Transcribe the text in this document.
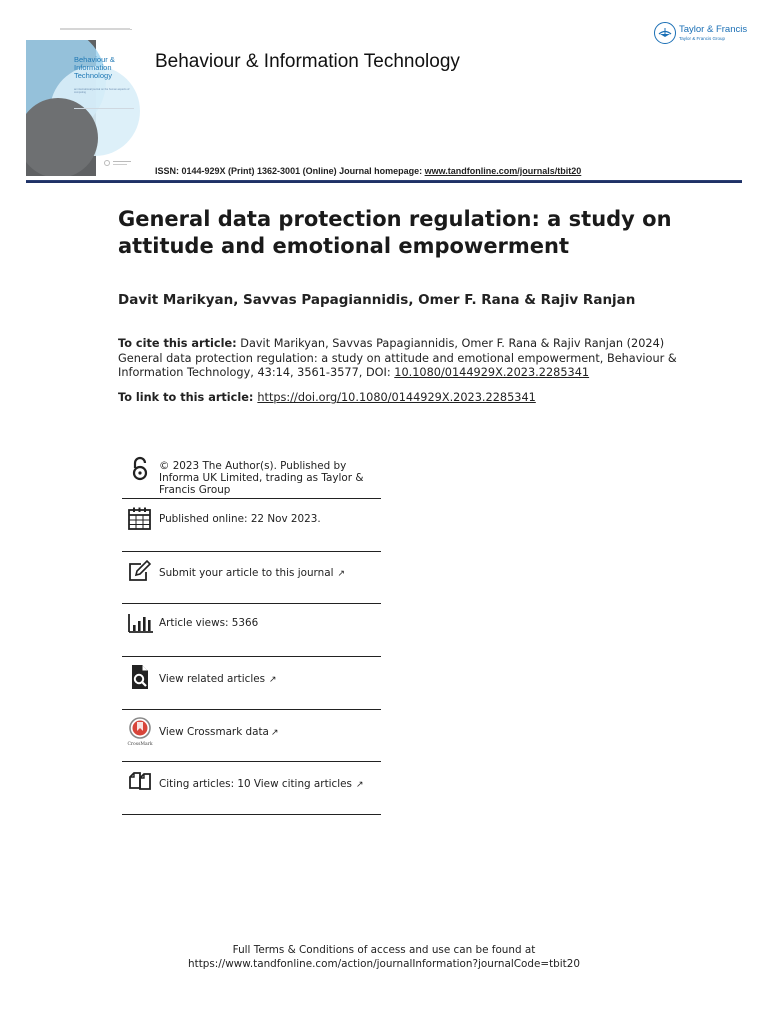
Behaviour &
Information
Technology
an international journal on the human aspects of computing
Behaviour & Information Technology
Taylor & Francis
Taylor & Francis Group
ISSN: 0144-929X (Print) 1362-3001 (Online) Journal homepage: www.tandfonline.com/journals/tbit20
General data protection regulation: a study on attitude and emotional empowerment
Davit Marikyan, Savvas Papagiannidis, Omer F. Rana & Rajiv Ranjan
To cite this article: Davit Marikyan, Savvas Papagiannidis, Omer F. Rana & Rajiv Ranjan (2024) General data protection regulation: a study on attitude and emotional empowerment, Behaviour & Information Technology, 43:14, 3561-3577, DOI: 10.1080/0144929X.2023.2285341
To link to this article: https://doi.org/10.1080/0144929X.2023.2285341
© 2023 The Author(s). Published by Informa UK Limited, trading as Taylor & Francis Group
Published online: 22 Nov 2023.
Submit your article to this journal ↗︎
Article views: 5366
View related articles ↗︎
CrossMark
View Crossmark data ↗︎
Citing articles: 10 View citing articles ↗︎
Full Terms & Conditions of access and use can be found at
https://www.tandfonline.com/action/journalInformation?journalCode=tbit20
